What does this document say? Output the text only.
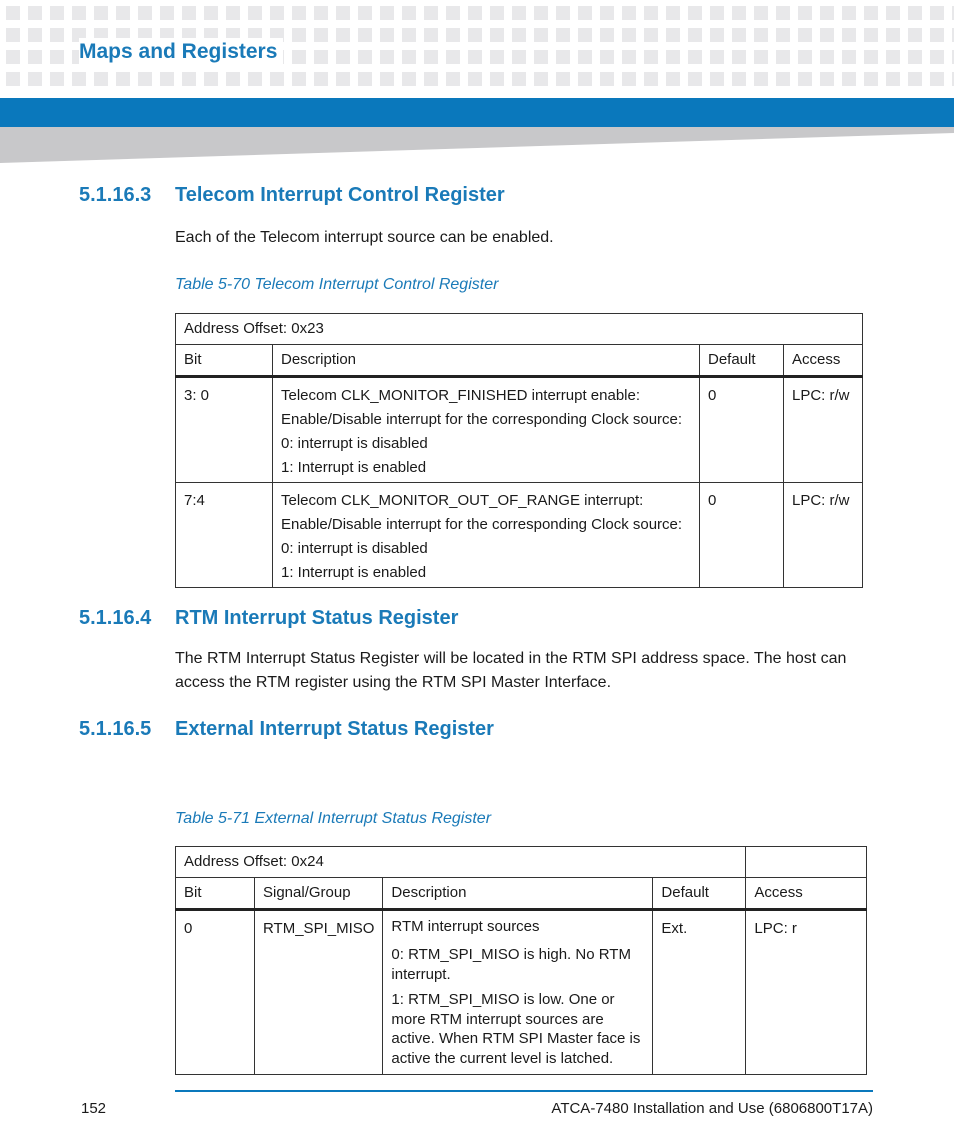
Maps and Registers
5.1.16.3 Telecom Interrupt Control Register

Each of the Telecom interrupt source can be enabled.

Table 5-70 Telecom Interrupt Control Register
Address Offset: 0x23			
Bit	Description	Default	Access
3: 0	Telecom CLK_MONITOR_FINISHED interrupt enable:
Enable/Disable interrupt for the corresponding Clock source:
0: interrupt is disabled
1: Interrupt is enabled	0	LPC: r/w
7:4	Telecom CLK_MONITOR_OUT_OF_RANGE interrupt:
Enable/Disable interrupt for the corresponding Clock source:
0: interrupt is disabled
1: Interrupt is enabled	0	LPC: r/w
5.1.16.4 RTM Interrupt Status Register

The RTM Interrupt Status Register will be located in the RTM SPI address space. The host can access the RTM register using the RTM SPI Master Interface.

5.1.16.5 External Interrupt Status Register
Table 5-71 External Interrupt Status Register
Address Offset: 0x24				
Bit	Signal/Group	Description	Default	Access
0	RTM_SPI_MISO	RTM interrupt sources
0: RTM_SPI_MISO is high. No RTM interrupt.
1: RTM_SPI_MISO is low. One or more RTM interrupt sources are active. When RTM SPI Master face is active the current level is latched.	Ext.	LPC: r
152	ATCA-7480 Installation and Use (6806800T17A)
